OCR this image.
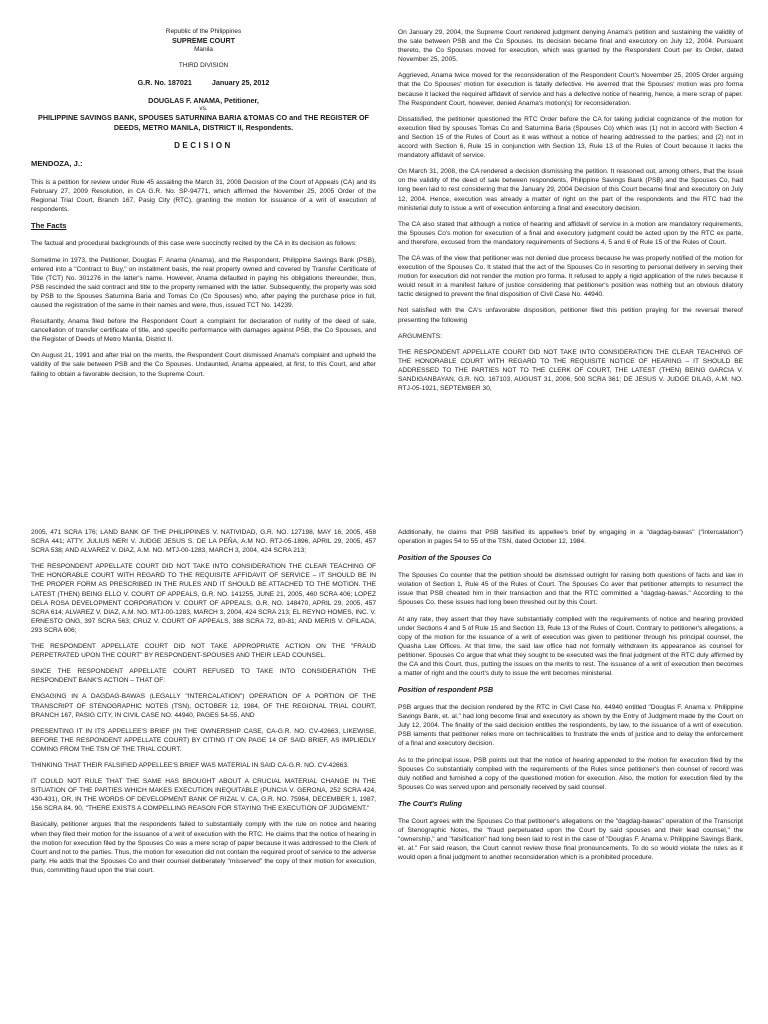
Republic of the Philippines

SUPREME COURT

Manila

THIRD DIVISION

G.R. No. 187021          January 25, 2012

DOUGLAS F. ANAMA, Petitioner,

vs.

PHILIPPINE SAVINGS BANK, SPOUSES SATURNINA BARIA &TOMAS CO and THE REGISTER OF DEEDS, METRO MANILA, DISTRICT II, Respondents.

DECISION

MENDOZA, J.:

This is a petition for review under Rule 45 assailing the March 31, 2008 Decision of the Court of Appeals (CA) and its February 27, 2009 Resolution, in CA G.R. No. SP-94771, which affirmed the November 25, 2005 Order of the Regional Trial Court, Branch 167, Pasig City (RTC), granting the motion for issuance of a writ of execution of respondents.

The Facts

The factual and procedural backgrounds of this case were succinctly recited by the CA in its decision as follows:

Sometime in 1973, the Petitioner, Douglas F. Anama (Anama), and the Respondent, Philippine Savings Bank (PSB), entered into a "Contract to Buy," on installment basis, the real property owned and covered by Transfer Certificate of Title (TCT) No. 301276 in the latter's name. However, Anama defaulted in paying his obligations thereunder, thus, PSB rescinded the said contract and title to the property remained with the latter. Subsequently, the property was sold by PSB to the Spouses Saturnina Baria and Tomas Co (Co Spouses) who, after paying the purchase price in full, caused the registration of the same in their names and were, thus, issued TCT No. 14239.

Resultantly, Anama filed before the Respondent Court a complaint for declaration of nullity of the deed of sale, cancellation of transfer certificate of title, and specific performance with damages against PSB, the Co Spouses, and the Register of Deeds of Metro Manila, District II.

On August 21, 1991 and after trial on the merits, the Respondent Court dismissed Anama's complaint and upheld the validity of the sale between PSB and the Co Spouses. Undaunted, Anama appealed, at first, to this Court, and after failing to obtain a favorable decision, to the Supreme Court.

On January 29, 2004, the Supreme Court rendered judgment denying Anama's petition and sustaining the validity of the sale between PSB and the Co Spouses. Its decision became final and executory on July 12, 2004. Pursuant thereto, the Co Spouses moved for execution, which was granted by the Respondent Court per its Order, dated November 25, 2005.

Aggrieved, Anama twice moved for the reconsideration of the Respondent Court's November 25, 2005 Order arguing that the Co Spouses' motion for execution is fatally defective. He averred that the Spouses' motion was pro forma because it lacked the required affidavit of service and has a defective notice of hearing, hence, a mere scrap of paper. The Respondent Court, however, denied Anama's motion(s) for reconsideration.

Dissatisfied, the petitioner questioned the RTC Order before the CA for taking judicial cognizance of the motion for execution filed by spouses Tomas Co and Saturnina Baria (Spouses Co) which was (1) not in accord with Section 4 and Section 15 of the Rules of Court as it was without a notice of hearing addressed to the parties; and (2) not in accord with Section 6, Rule 15 in conjunction with Section 13, Rule 13 of the Rules of Court because it lacks the mandatory affidavit of service.

On March 31, 2008, the CA rendered a decision dismissing the petition. It reasoned out, among others, that the issue on the validity of the deed of sale between respondents, Philippine Savings Bank (PSB) and the Spouses Co, had long been laid to rest considering that the January 29, 2004 Decision of this Court became final and executory on July 12, 2004. Hence, execution was already a matter of right on the part of the respondents and the RTC had the ministerial duty to issue a writ of execution enforcing a final and executory decision.

The CA also stated that although a notice of hearing and affidavit of service in a motion are mandatory requirements, the Spouses Co's motion for execution of a final and executory judgment could be acted upon by the RTC ex parte, and therefore, excused from the mandatory requirements of Sections 4, 5 and 6 of Rule 15 of the Rules of Court.

The CA was of the view that petitioner was not denied due process because he was properly notified of the motion for execution of the Spouses Co. It stated that the act of the Spouses Co in resorting to personal delivery in serving their motion for execution did not render the motion pro forma. It refused to apply a rigid application of the rules because it would result in a manifest failure of justice considering that petitioner's position was nothing but an obvious dilatory tactic designed to prevent the final disposition of Civil Case No. 44940.

Not satisfied with the CA's unfavorable disposition, petitioner filed this petition praying for the reversal thereof presenting the following

ARGUMENTS:

THE RESPONDENT APPELLATE COURT DID NOT TAKE INTO CONSIDERATION THE CLEAR TEACHING OF THE HONORABLE COURT WITH REGARD TO THE REQUISITE NOTICE OF HEARING – IT SHOULD BE ADDRESSED TO THE PARTIES NOT TO THE CLERK OF COURT, THE LATEST (THEN) BEING GARCIA V. SANDIGANBAYAN, G.R. NO. 167103, AUGUST 31, 2006, 500 SCRA 361; DE JESUS V. JUDGE DILAG, A.M. NO. RTJ-05-1921, SEPTEMBER 30,

2005, 471 SCRA 176; LAND BANK OF THE PHILIPPINES V. NATIVIDAD, G.R. NO. 127198, MAY 16, 2005, 458 SCRA 441; ATTY. JULIUS NERI V. JUDGE JESUS S. DE LA PEÑA, A.M NO. RTJ-05-1896, APRIL 29, 2005, 457 SCRA 538; AND ALVAREZ V. DIAZ, A.M. NO. MTJ-00-1283, MARCH 3, 2004, 424 SCRA 213;

THE RESPONDENT APPELLATE COURT DID NOT TAKE INTO CONSIDERATION THE CLEAR TEACHING OF THE HONORABLE COURT WITH REGARD TO THE REQUISITE AFFIDAVIT OF SERVICE – IT SHOULD BE IN THE PROPER FORM AS PRESCRIBED IN THE RULES AND IT SHOULD BE ATTACHED TO THE MOTION. THE LATEST (THEN) BEING ELLO V. COURT OF APPEALS, G.R. NO. 141255, JUNE 21, 2005, 460 SCRA 406; LOPEZ DELA ROSA DEVELOPMENT CORPORATION V. COURT OF APPEALS, G.R. NO. 148470, APRIL 29, 2005, 457 SCRA 614; ALVAREZ V. DIAZ, A.M. NO. MTJ-00-1283, MARCH 3, 2004, 424 SCRA 213; EL REYNO HOMES, INC. V. ERNESTO ONG, 397 SCRA 563; CRUZ V. COURT OF APPEALS, 388 SCRA 72, 80-81; AND MERIS V. OFILADA, 293 SCRA 606;

THE RESPONDENT APPELLATE COURT DID NOT TAKE APPROPRIATE ACTION ON THE "FRAUD PERPETRATED UPON THE COURT" BY RESPONDENT-SPOUSES AND THEIR LEAD COUNSEL.

SINCE THE RESPONDENT APPELLATE COURT REFUSED TO TAKE INTO CONSIDERATION THE RESPONDENT BANK'S ACTION – THAT OF:

ENGAGING IN A DAGDAG-BAWAS (LEGALLY "INTERCALATION") OPERATION OF A PORTION OF THE TRANSCRIPT OF STENOGRAPHIC NOTES (TSN), OCTOBER 12, 1984, OF THE REGIONAL TRIAL COURT, BRANCH 167, PASIG CITY, IN CIVIL CASE NO. 44940, PAGES 54-55, AND

PRESENTING IT IN ITS APPELLEE'S BRIEF (IN THE OWNERSHIP CASE, CA-G.R. NO. CV-42663, LIKEWISE, BEFORE THE RESPONDENT APPELLATE COURT) BY CITING IT ON PAGE 14 OF SAID BRIEF, AS IMPLIEDLY COMING FROM THE TSN OF THE TRIAL COURT.

THINKING THAT THEIR FALSIFIED APPELLEE'S BRIEF WAS MATERIAL IN SAID CA-G.R. NO. CV-42663.

IT COULD NOT RULE THAT THE SAME HAS BROUGHT ABOUT A CRUCIAL MATERIAL CHANGE IN THE SITUATION OF THE PARTIES WHICH MAKES EXECUTION INEQUITABLE (PUNCIA V. GERONA, 252 SCRA 424, 430-431), OR, IN THE WORDS OF DEVELOPMENT BANK OF RIZAL V. CA, G.R. NO. 75964, DECEMBER 1, 1987, 156 SCRA 84, 90, "THERE EXISTS A COMPELLING REASON FOR STAYING THE EXECUTION OF JUDGMENT."

Basically, petitioner argues that the respondents failed to substantially comply with the rule on notice and hearing when they filed their motion for the issuance of a writ of execution with the RTC. He claims that the notice of hearing in the motion for execution filed by the Spouses Co was a mere scrap of paper because it was addressed to the Clerk of Court and not to the parties. Thus, the motion for execution did not contain the required proof of service to the adverse party. He adds that the Spouses Co and their counsel deliberately "misserved" the copy of their motion for execution, thus, committing fraud upon the trial court.

Additionally, he claims that PSB falsified its appellee's brief by engaging in a "dagdag-bawas" ("intercalation") operation in pages 54 to 55 of the TSN, dated October 12, 1984.

Position of the Spouses Co

The Spouses Co counter that the petition should be dismissed outright for raising both questions of facts and law in violation of Section 1, Rule 45 of the Rules of Court. The Spouses Co aver that petitioner attempts to resurrect the issue that PSB cheated him in their transaction and that the RTC committed a "dagdag-bawas." According to the Spouses Co, these issues had long been threshed out by this Court.

At any rate, they assert that they have substantially complied with the requirements of notice and hearing provided under Sections 4 and 5 of Rule 15 and Section 13, Rule 13 of the Rules of Court. Contrary to petitioner's allegations, a copy of the motion for the issuance of a writ of execution was given to petitioner through his principal counsel, the Quasha Law Offices. At that time, the said law office had not formally withdrawn its appearance as counsel for petitioner. Spouses Co argue that what they sought to be executed was the final judgment of the RTC duly affirmed by the CA and this Court, thus, putting the issues on the merits to rest. The issuance of a writ of execution then becomes a matter of right and the court's duty to issue the writ becomes ministerial.

Position of respondent PSB

PSB argues that the decision rendered by the RTC in Civil Case No. 44940 entitled "Douglas F. Anama v. Philippine Savings Bank, et. al." had long become final and executory as shown by the Entry of Judgment made by the Court on July 12, 2004. The finality of the said decision entitles the respondents, by law, to the issuance of a writ of execution. PSB laments that petitioner relies more on technicalities to frustrate the ends of justice and to delay the enforcement of a final and executory decision.

As to the principal issue, PSB points out that the notice of hearing appended to the motion for execution filed by the Spouses Co substantially complied with the requirements of the Rules since petitioner's then counsel of record was duly notified and furnished a copy of the questioned motion for execution. Also, the motion for execution filed by the Spouses Co was served upon and personally received by said counsel.

The Court's Ruling

The Court agrees with the Spouses Co that petitioner's allegations on the "dagdag-bawas" operation of the Transcript of Stenographic Notes, the "fraud perpetuated upon the Court by said spouses and their lead counsel," the "ownership," and "falsification" had long been laid to rest in the case of "Douglas F. Anama v. Philippine Savings Bank, et. al." For said reason, the Court cannot review those final pronouncements. To do so would violate the rules as it would open a final judgment to another reconsideration which is a prohibited procedure.
